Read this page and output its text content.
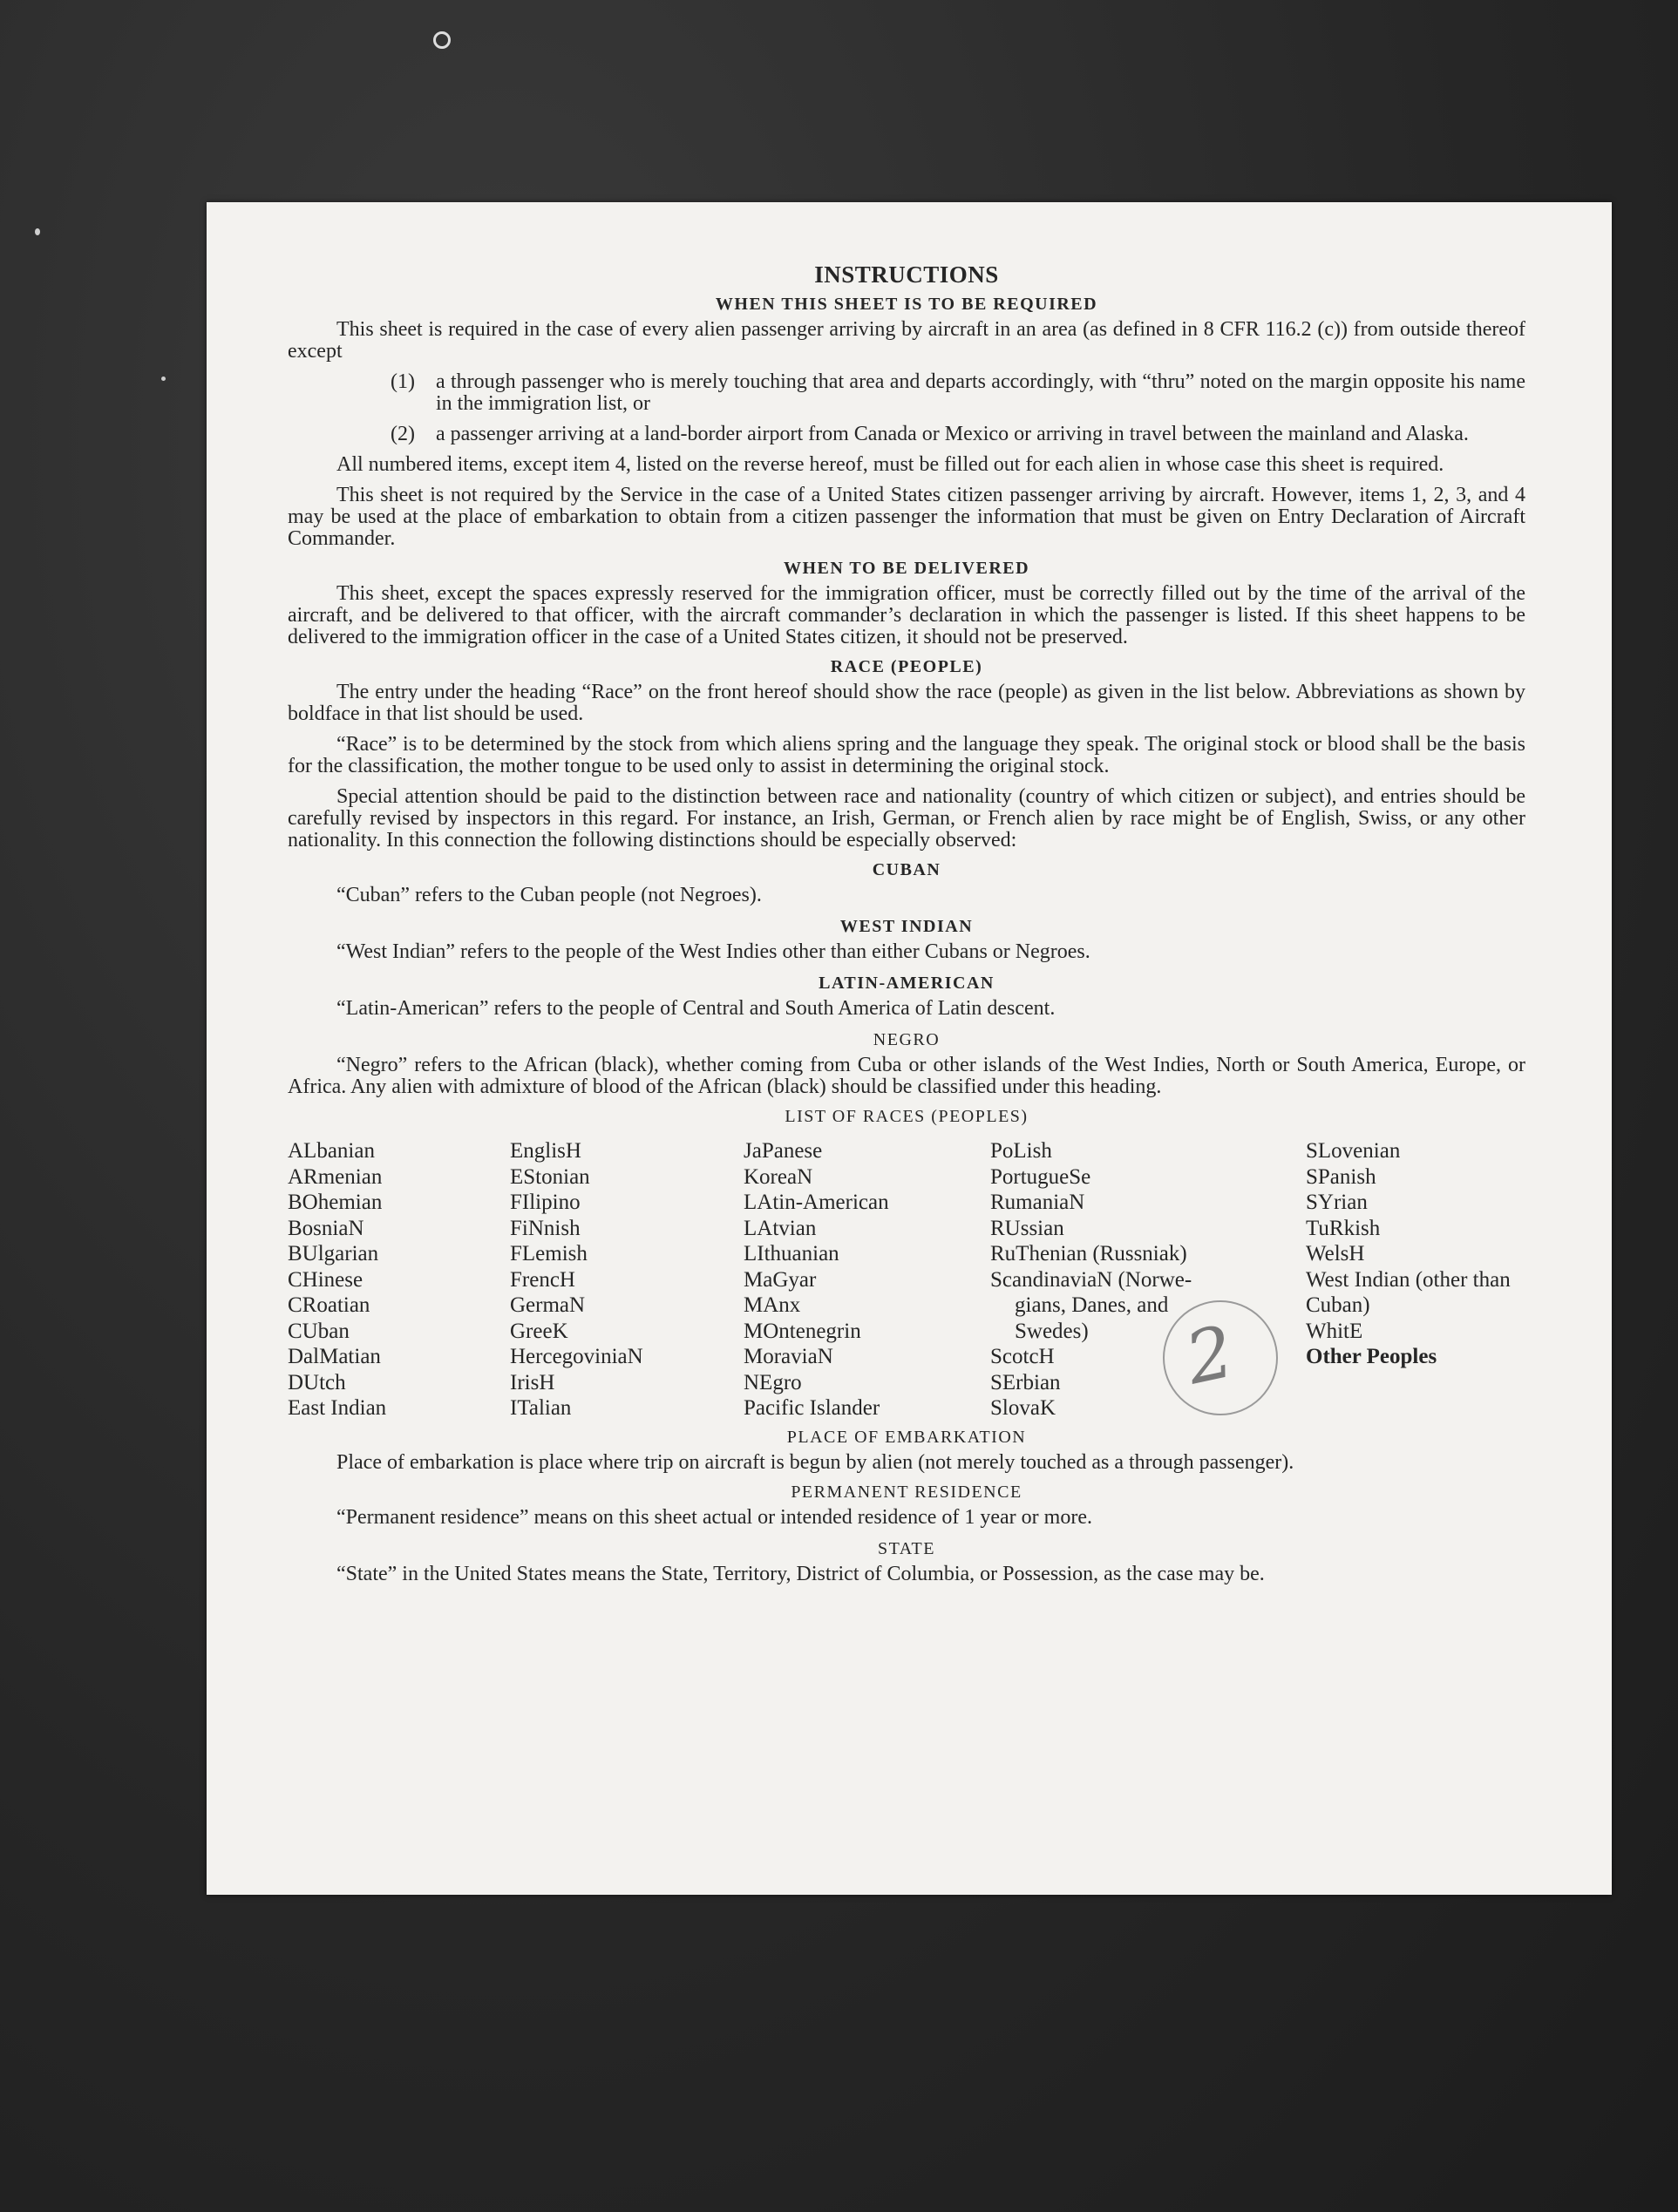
INSTRUCTIONS
WHEN THIS SHEET IS TO BE REQUIRED

This sheet is required in the case of every alien passenger arriving by aircraft in an area (as defined in 8 CFR 116.2 (c)) from outside thereof except

(1) a through passenger who is merely touching that area and departs accordingly, with “thru” noted on the margin opposite his name in the immigration list, or
(2) a passenger arriving at a land-border airport from Canada or Mexico or arriving in travel between the mainland and Alaska.

All numbered items, except item 4, listed on the reverse hereof, must be filled out for each alien in whose case this sheet is required.

This sheet is not required by the Service in the case of a United States citizen passenger arriving by aircraft. However, items 1, 2, 3, and 4 may be used at the place of embarkation to obtain from a citizen passenger the information that must be given on Entry Declaration of Aircraft Commander.

WHEN TO BE DELIVERED

This sheet, except the spaces expressly reserved for the immigration officer, must be correctly filled out by the time of the arrival of the aircraft, and be delivered to that officer, with the aircraft commander’s declaration in which the passenger is listed. If this sheet happens to be delivered to the immigration officer in the case of a United States citizen, it should not be preserved.

RACE (PEOPLE)

The entry under the heading “Race” on the front hereof should show the race (people) as given in the list below. Abbreviations as shown by boldface in that list should be used.

“Race” is to be determined by the stock from which aliens spring and the language they speak. The original stock or blood shall be the basis for the classification, the mother tongue to be used only to assist in determining the original stock.

Special attention should be paid to the distinction between race and nationality (country of which citizen or subject), and entries should be carefully revised by inspectors in this regard. For instance, an Irish, German, or French alien by race might be of English, Swiss, or any other nationality. In this connection the following distinctions should be especially observed:

CUBAN

“Cuban” refers to the Cuban people (not Negroes).

WEST INDIAN

“West Indian” refers to the people of the West Indies other than either Cubans or Negroes.

LATIN-AMERICAN

“Latin-American” refers to the people of Central and South America of Latin descent.

NEGRO

“Negro” refers to the African (black), whether coming from Cuba or other islands of the West Indies, North or South America, Europe, or Africa. Any alien with admixture of blood of the African (black) should be classified under this heading.

LIST OF RACES (PEOPLES)
ALbanian
ARmenian
BOhemian
BosniaN
BUlgarian
CHinese
CRoatian
CUban
DalMatian
DUtch
East Indian
EnglisH
EStonian
FIlipino
FiNnish
FLemish
FrencH
GermaN
GreeK
HercegoviniaN
IrisH
ITalian
JaPanese
KoreaN
LAtin-American
LAtvian
LIthuanian
MaGyar
MAnx
MOntenegrin
MoraviaN
NEgro
Pacific Islander
PoLish
PortugueSe
RumaniaN
RUssian
RuThenian (Russniak)
ScandinaviaN (Norwe-
gians, Danes, and
Swedes)
ScotcH
SErbian
SlovaK
SLovenian
SPanish
SYrian
TuRkish
WelsH
West Indian (other than Cuban)
WhitE
Other Peoples
PLACE OF EMBARKATION

Place of embarkation is place where trip on aircraft is begun by alien (not merely touched as a through passenger).

PERMANENT RESIDENCE

“Permanent residence” means on this sheet actual or intended residence of 1 year or more.

STATE

“State” in the United States means the State, Territory, District of Columbia, or Possession, as the case may be.

2
